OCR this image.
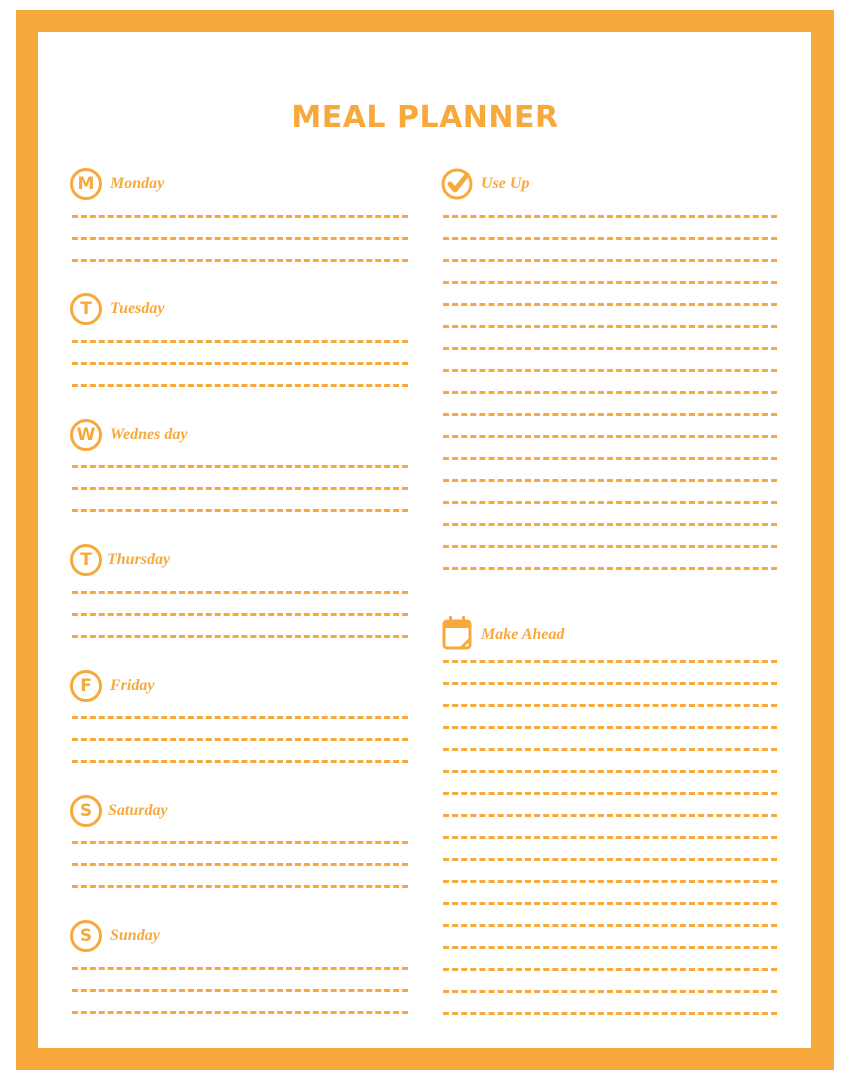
MEAL PLANNER
M Monday
T	Tuesday
W Wednes day
T Thursday
F	Friday
S Saturday
S	Sunday
Use Up
Make Ahead
